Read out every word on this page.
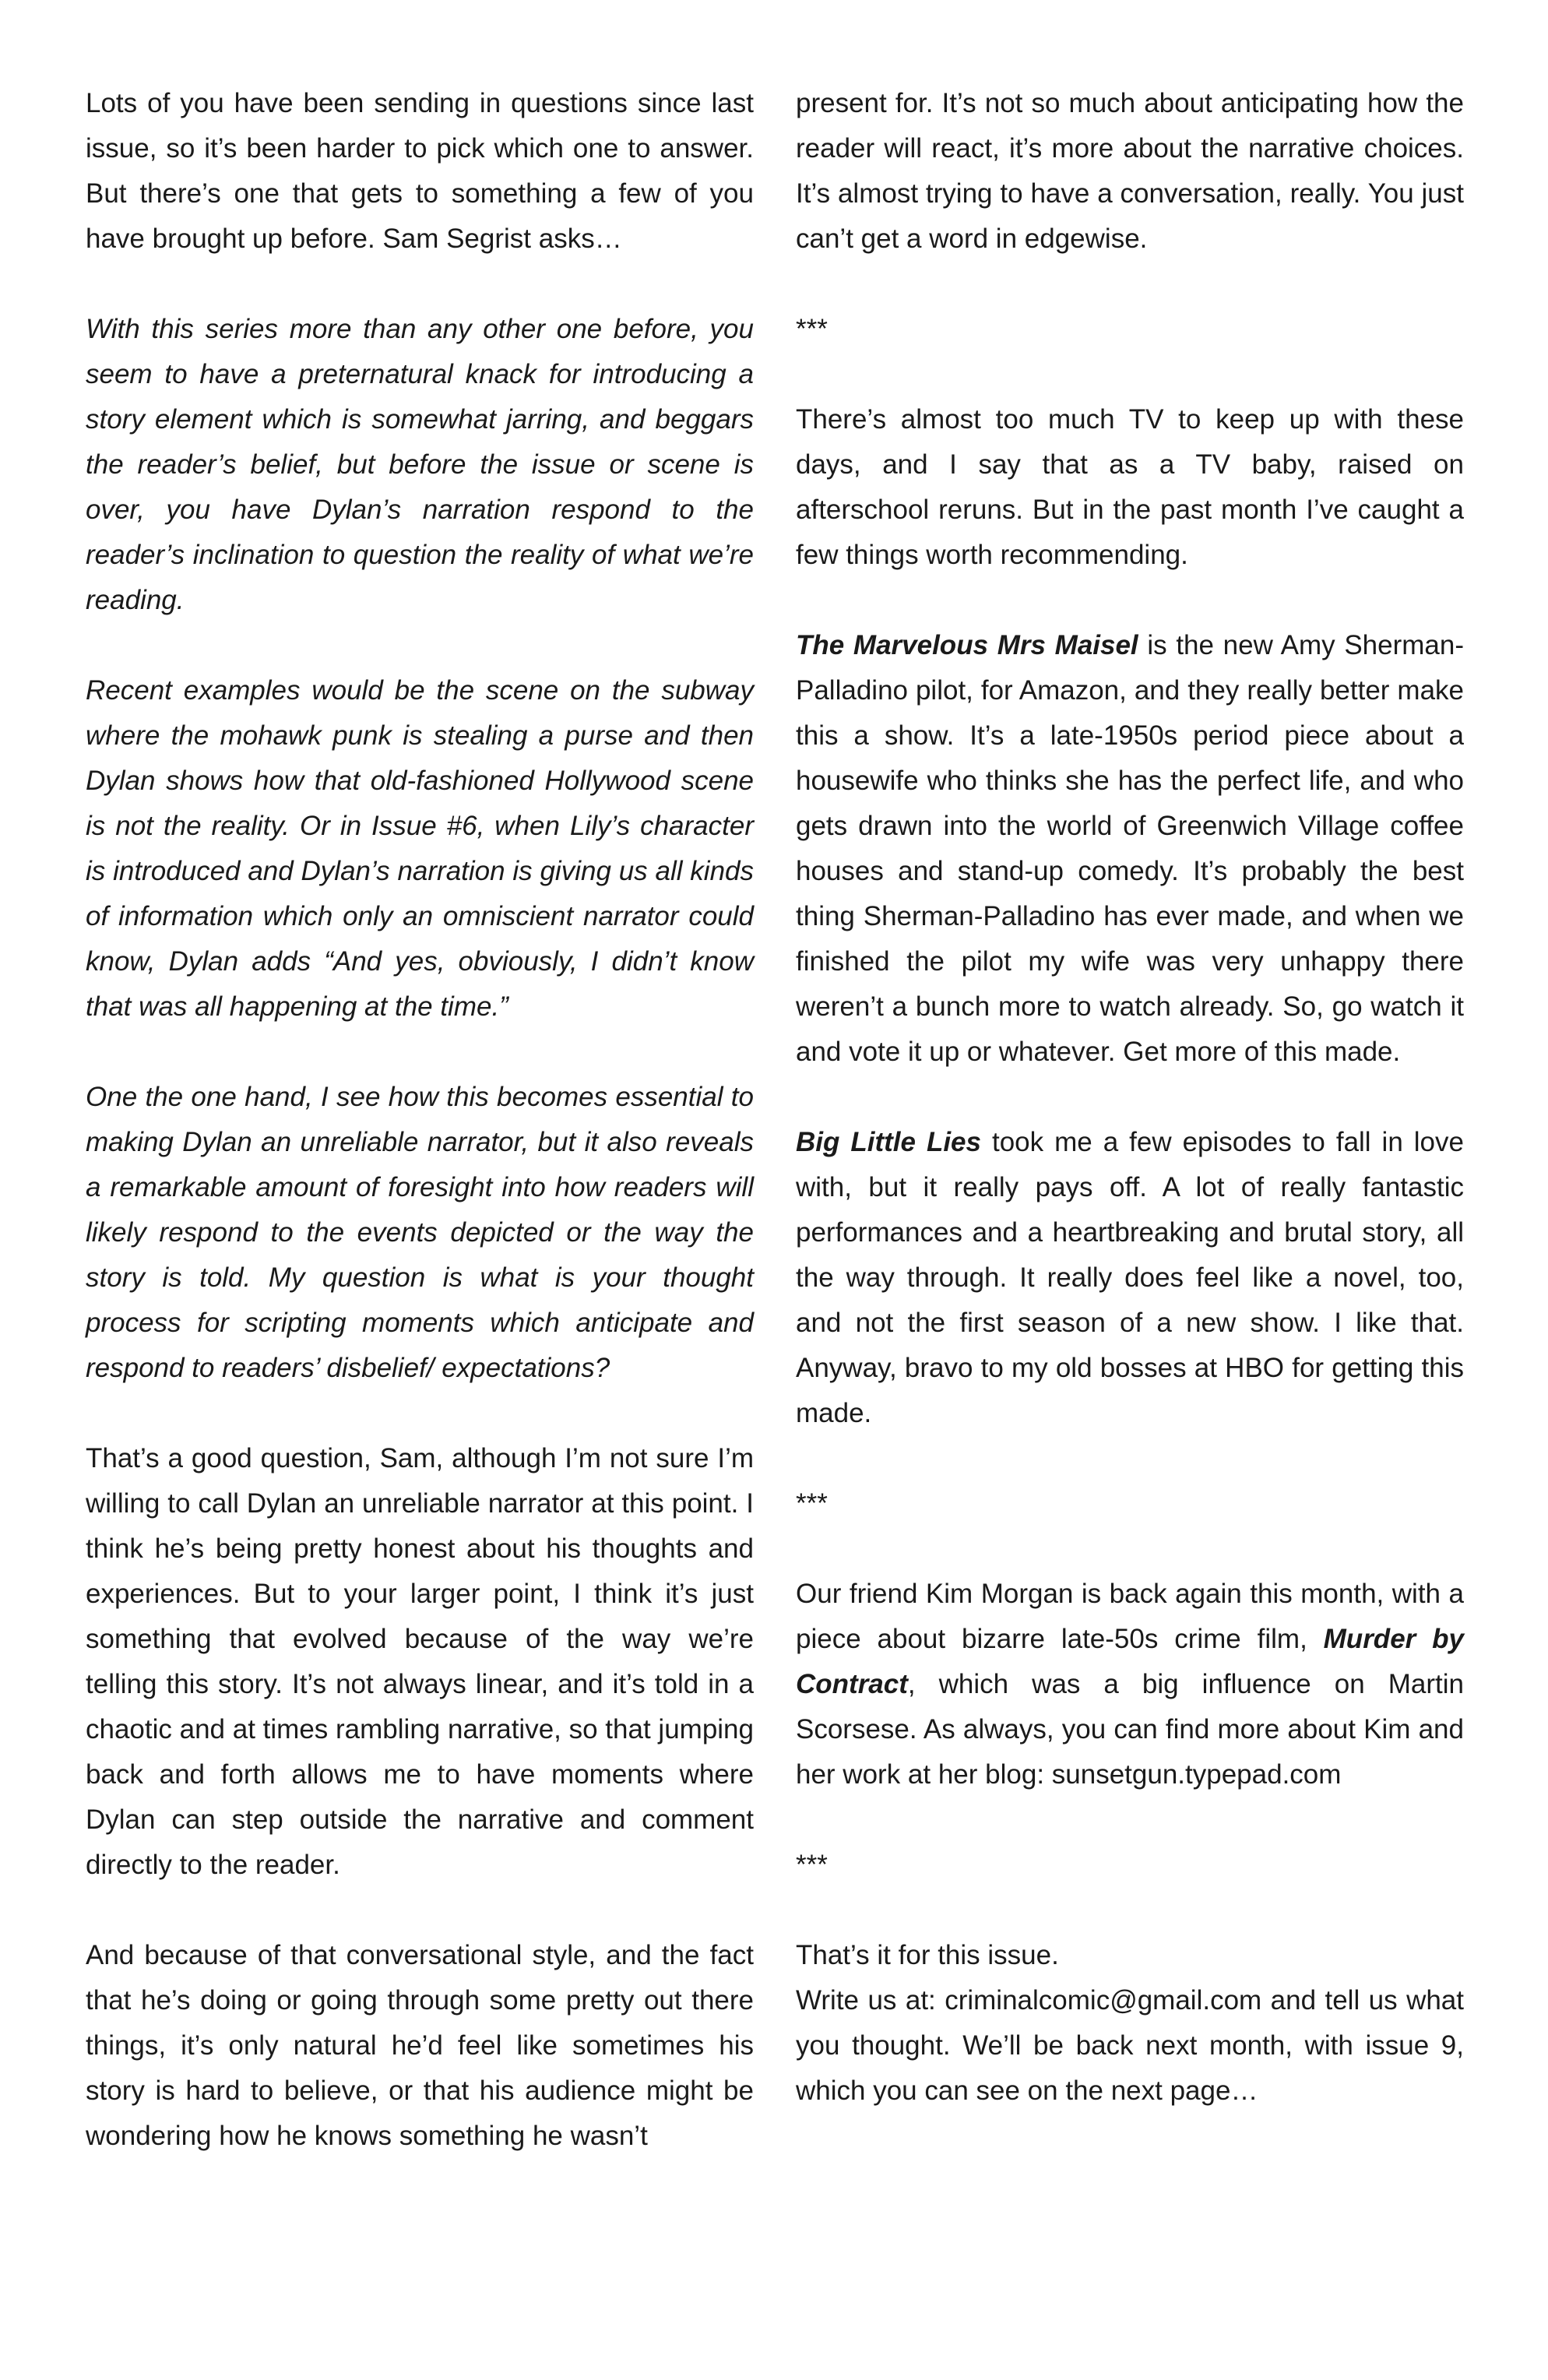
Lots of you have been sending in questions since last issue, so it’s been harder to pick which one to answer. But there’s one that gets to something a few of you have brought up before. Sam Segrist asks…

With this series more than any other one before, you seem to have a preternatural knack for introducing a story element which is somewhat jarring, and beggars the reader’s belief, but before the issue or scene is over, you have Dylan’s narration respond to the reader’s inclination to question the reality of what we’re reading.

Recent examples would be the scene on the subway where the mohawk punk is stealing a purse and then Dylan shows how that old-fashioned Hollywood scene is not the reality. Or in Issue #6, when Lily’s character is introduced and Dylan’s narration is giving us all kinds of information which only an omniscient narrator could know, Dylan adds “And yes, obviously, I didn’t know that was all happening at the time.”

One the one hand, I see how this becomes essential to making Dylan an unreliable narrator, but it also reveals a remarkable amount of foresight into how readers will likely respond to the events depicted or the way the story is told. My question is what is your thought process for scripting moments which anticipate and respond to readers’ disbelief/ expectations?

That’s a good question, Sam, although I’m not sure I’m willing to call Dylan an unreliable narrator at this point. I think he’s being pretty honest about his thoughts and experiences. But to your larger point, I think it’s just something that evolved because of the way we’re telling this story. It’s not always linear, and it’s told in a chaotic and at times rambling narrative, so that jumping back and forth allows me to have moments where Dylan can step outside the narrative and comment directly to the reader.

And because of that conversational style, and the fact that he’s doing or going through some pretty out there things, it’s only natural he’d feel like sometimes his story is hard to believe, or that his audience might be wondering how he knows something he wasn’t

present for. It’s not so much about anticipating how the reader will react, it’s more about the narrative choices. It’s almost trying to have a conversation, really. You just can’t get a word in edgewise.

***

There’s almost too much TV to keep up with these days, and I say that as a TV baby, raised on afterschool reruns. But in the past month I’ve caught a few things worth recommending.

The Marvelous Mrs Maisel is the new Amy Sherman-Palladino pilot, for Amazon, and they really better make this a show. It’s a late-1950s period piece about a housewife who thinks she has the perfect life, and who gets drawn into the world of Greenwich Village coffee houses and stand-up comedy. It’s probably the best thing Sherman-Palladino has ever made, and when we finished the pilot my wife was very unhappy there weren’t a bunch more to watch already. So, go watch it and vote it up or whatever. Get more of this made.

Big Little Lies took me a few episodes to fall in love with, but it really pays off. A lot of really fantastic performances and a heartbreaking and brutal story, all the way through. It really does feel like a novel, too, and not the first season of a new show. I like that. Anyway, bravo to my old bosses at HBO for getting this made.

***

Our friend Kim Morgan is back again this month, with a piece about bizarre late-50s crime film, Murder by Contract, which was a big influence on Martin Scorsese. As always, you can find more about Kim and her work at her blog: sunsetgun.typepad.com

***

That’s it for this issue.
Write us at: criminalcomic@gmail.com and tell us what you thought. We’ll be back next month, with issue 9, which you can see on the next page…
